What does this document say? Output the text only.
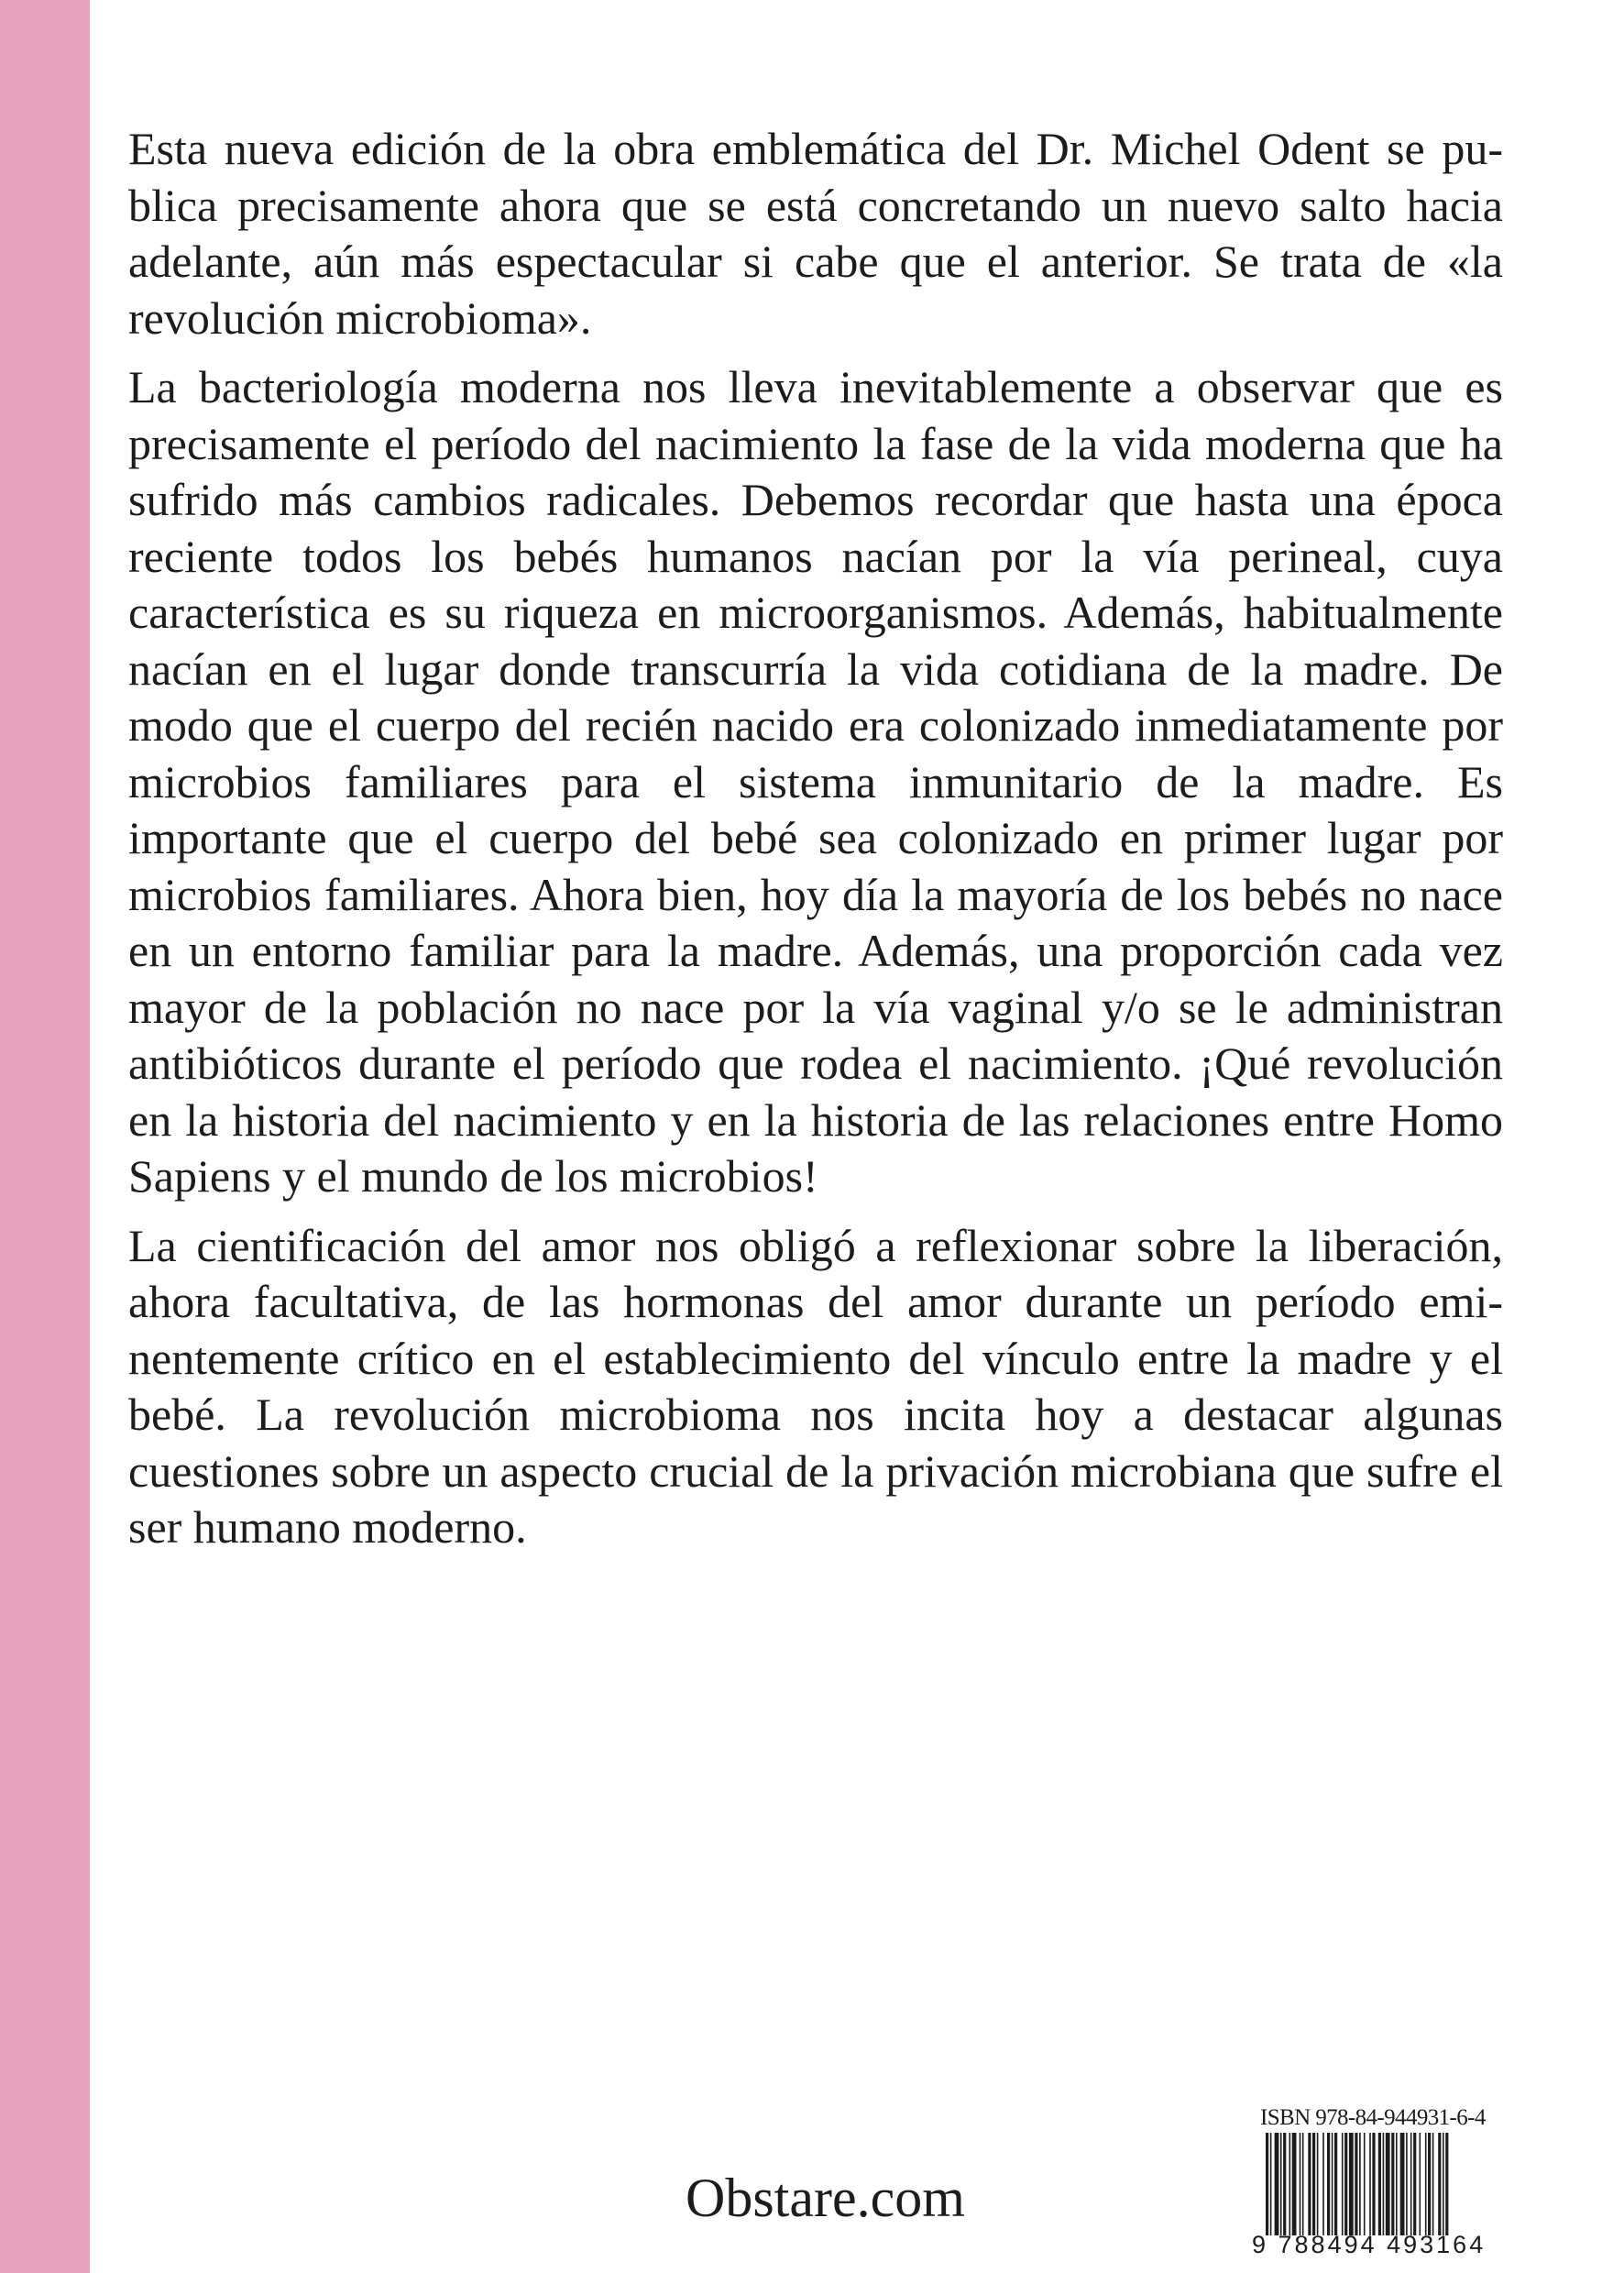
Esta nueva edición de la obra emblemática del Dr. Michel Odent se publica precisamente ahora que se está concretando un nuevo salto hacia adelante, aún más espectacular si cabe que el anterior. Se trata de «la revolución microbioma».

La bacteriología moderna nos lleva inevitablemente a observar que es precisamente el período del nacimiento la fase de la vida moderna que ha sufrido más cambios radicales. Debemos recordar que hasta una época reciente todos los bebés humanos nacían por la vía perineal, cuya característica es su riqueza en microorganismos. Además, habitualmente nacían en el lugar donde transcurría la vida cotidiana de la madre. De modo que el cuerpo del recién nacido era colonizado inmediatamente por microbios familiares para el sistema inmunitario de la madre. Es importante que el cuerpo del bebé sea colonizado en primer lugar por microbios familiares. Ahora bien, hoy día la mayoría de los bebés no nace en un entorno familiar para la madre. Además, una proporción cada vez mayor de la población no nace por la vía vaginal y/o se le administran antibióticos durante el período que rodea el nacimiento. ¡Qué revolución en la historia del nacimiento y en la historia de las relaciones entre Homo Sapiens y el mundo de los microbios!

La cientificación del amor nos obligó a reflexionar sobre la liberación, ahora facultativa, de las hormonas del amor durante un período eminentemente crítico en el establecimiento del vínculo entre la madre y el bebé. La revolución microbioma nos incita hoy a destacar algunas cuestiones sobre un aspecto crucial de la privación microbiana que sufre el ser humano moderno.

Obstare.com
ISBN 978-84-944931-6-4
9 788494 493164
